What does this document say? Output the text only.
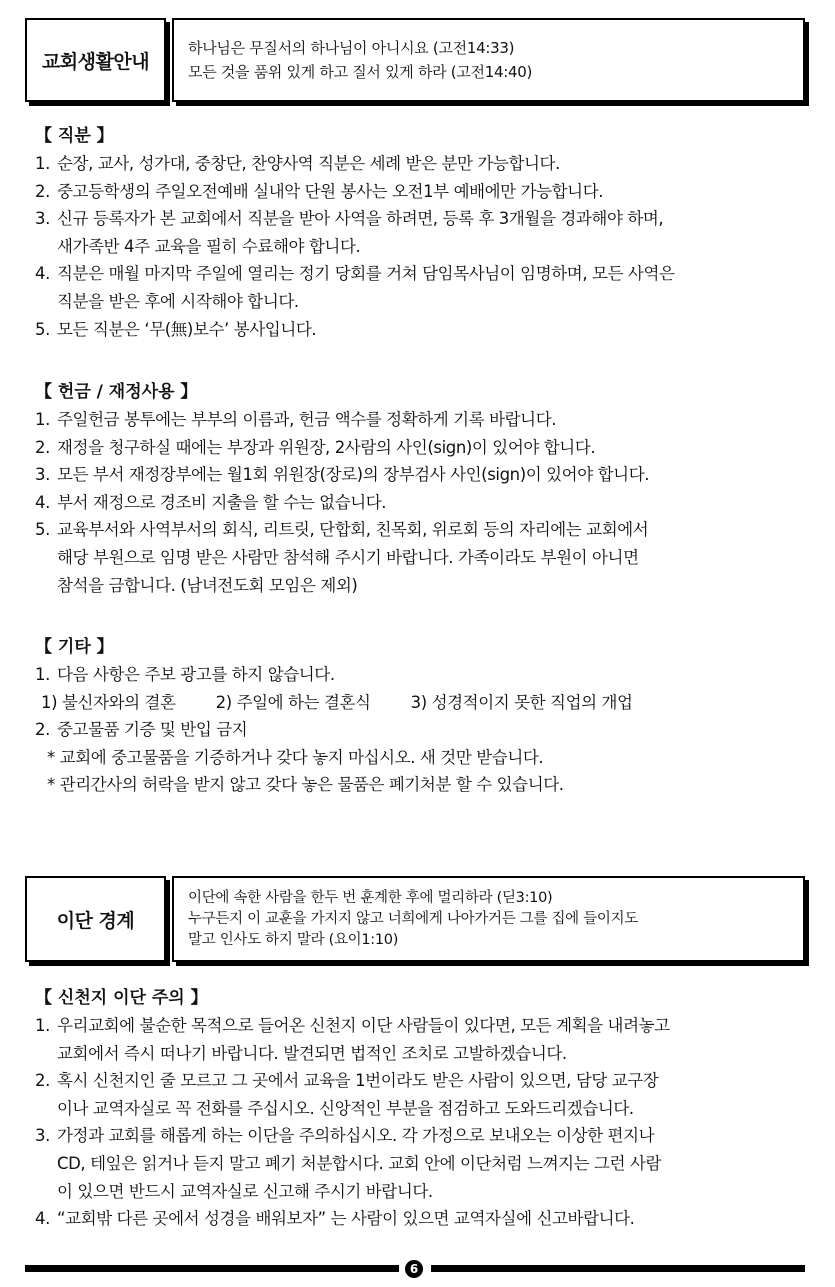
교회생활안내
하나님은 무질서의 하나님이 아니시요 (고전14:33)
모든 것을 품위 있게 하고 질서 있게 하라 (고전14:40)
【 직분 】
1. 순장, 교사, 성가대, 중창단, 찬양사역 직분은 세례 받은 분만 가능합니다.
2. 중고등학생의 주일오전예배 실내악 단원 봉사는 오전1부 예배에만 가능합니다.
3. 신규 등록자가 본 교회에서 직분을 받아 사역을 하려면, 등록 후 3개월을 경과해야 하며,
새가족반 4주 교육을 필히 수료해야 합니다.
4. 직분은 매월 마지막 주일에 열리는 정기 당회를 거쳐 담임목사님이 임명하며, 모든 사역은
직분을 받은 후에 시작해야 합니다.
5. 모든 직분은 ‘무(無)보수’ 봉사입니다.
【 헌금 / 재정사용 】
1. 주일헌금 봉투에는 부부의 이름과, 헌금 액수를 정확하게 기록 바랍니다.
2. 재정을 청구하실 때에는 부장과 위원장, 2사람의 사인(sign)이 있어야 합니다.
3. 모든 부서 재정장부에는 월1회 위원장(장로)의 장부검사 사인(sign)이 있어야 합니다.
4. 부서 재정으로 경조비 지출을 할 수는 없습니다.
5. 교육부서와 사역부서의 회식, 리트릿, 단합회, 친목회, 위로회 등의 자리에는 교회에서
해당 부원으로 임명 받은 사람만 참석해 주시기 바랍니다. 가족이라도 부원이 아니면
참석을 금합니다. (남녀전도회 모임은 제외)
【 기타 】
1. 다음 사항은 주보 광고를 하지 않습니다.
1) 불신자와의 결혼 2) 주일에 하는 결혼식 3) 성경적이지 못한 직업의 개업
2. 중고물품 기증 및 반입 금지
* 교회에 중고물품을 기증하거나 갖다 놓지 마십시오. 새 것만 받습니다.
* 관리간사의 허락을 받지 않고 갖다 놓은 물품은 폐기처분 할 수 있습니다.
이단 경계
이단에 속한 사람을 한두 번 훈계한 후에 멀리하라 (딛3:10)
누구든지 이 교훈을 가지지 않고 너희에게 나아가거든 그를 집에 들이지도
말고 인사도 하지 말라 (요이1:10)
【 신천지 이단 주의 】
1. 우리교회에 불순한 목적으로 들어온 신천지 이단 사람들이 있다면, 모든 계획을 내려놓고
교회에서 즉시 떠나기 바랍니다. 발견되면 법적인 조치로 고발하겠습니다.
2. 혹시 신천지인 줄 모르고 그 곳에서 교육을 1번이라도 받은 사람이 있으면, 담당 교구장
이나 교역자실로 꼭 전화를 주십시오. 신앙적인 부분을 점검하고 도와드리겠습니다.
3. 가정과 교회를 해롭게 하는 이단을 주의하십시오. 각 가정으로 보내오는 이상한 편지나
CD, 테잎은 읽거나 듣지 말고 폐기 처분합시다. 교회 안에 이단처럼 느껴지는 그런 사람
이 있으면 반드시 교역자실로 신고해 주시기 바랍니다.
4. “교회밖 다른 곳에서 성경을 배워보자” 는 사람이 있으면 교역자실에 신고바랍니다.
6
